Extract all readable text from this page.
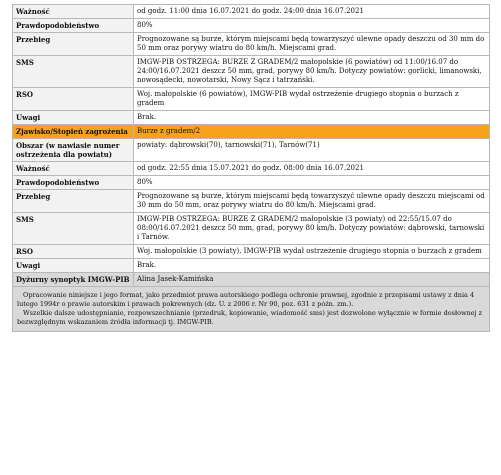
Ważność	od godz. 11:00 dnia 16.07.2021 do godz. 24:00 dnia 16.07.2021
Prawdopodobieństwo	80%
Przebieg	Prognozowane są burze, którym miejscami będą towarzyszyć ulewne opady deszczu od 30 mm do 50 mm oraz porywy wiatru do 80 km/h. Miejscami grad.
SMS	IMGW-PIB OSTRZEGA: BURZE Z GRADEM/2 małopolskie (6 powiatów) od 11:00/16.07 do 24:00/16.07.2021 deszcz 50 mm, grad, porywy 80 km/h. Dotyczy powiatów: gorlicki, limanowski, nowosądecki, nowotarski, Nowy Sącz i tatrzański.
RSO	Woj. małopolskie (6 powiatów), IMGW-PIB wydał ostrzeżenie drugiego stopnia o burzach z gradem
Uwagi	Brak.
Zjawisko/Stopień zagrożenia	Burze z gradem/2
Obszar (w nawiasie numer ostrzeżenia dla powiatu)	powiaty: dąbrowski(70), tarnowski(71), Tarnów(71)
Ważność	od godz. 22:55 dnia 15.07.2021 do godz. 08:00 dnia 16.07.2021
Prawdopodobieństwo	80%
Przebieg	Prognozowane są burze, którym miejscami będą towarzyszyć ulewne opady deszczu miejscami od 30 mm do 50 mm, oraz porywy wiatru do 80 km/h. Miejscami grad.
SMS	IMGW-PIB OSTRZEGA: BURZE Z GRADEM/2 małopolskie (3 powiaty) od 22:55/15.07 do 08:00/16.07.2021 deszcz 50 mm, grad, porywy 80 km/h. Dotyczy powiatów: dąbrowski, tarnowski i Tarnów.
RSO	Woj. małopolskie (3 powiaty), IMGW-PIB wydał ostrzeżenie drugiego stopnia o burzach z gradem
Uwagi	Brak.
Dyżurny synoptyk IMGW-PIB	Alina Jasek-Kamińska

Opracowanie niniejsze i jego format, jako przedmiot prawa autorskiego podlega ochronie prawnej, zgodnie z przepisami ustawy z dnia 4 lutego 1994r o prawie autorskim i prawach pokrewnych (dz. U. z 2006 r. Nr 90, poz. 631 z późn. zm.).
Wszelkie dalsze udostępnianie, rozpowszechnianie (przedruk, kopiowanie, wiadomość sms) jest dozwolone wyłącznie w formie dosłownej z bezwzględnym wskazaniem źródła informacji tj. IMGW-PIB.	
